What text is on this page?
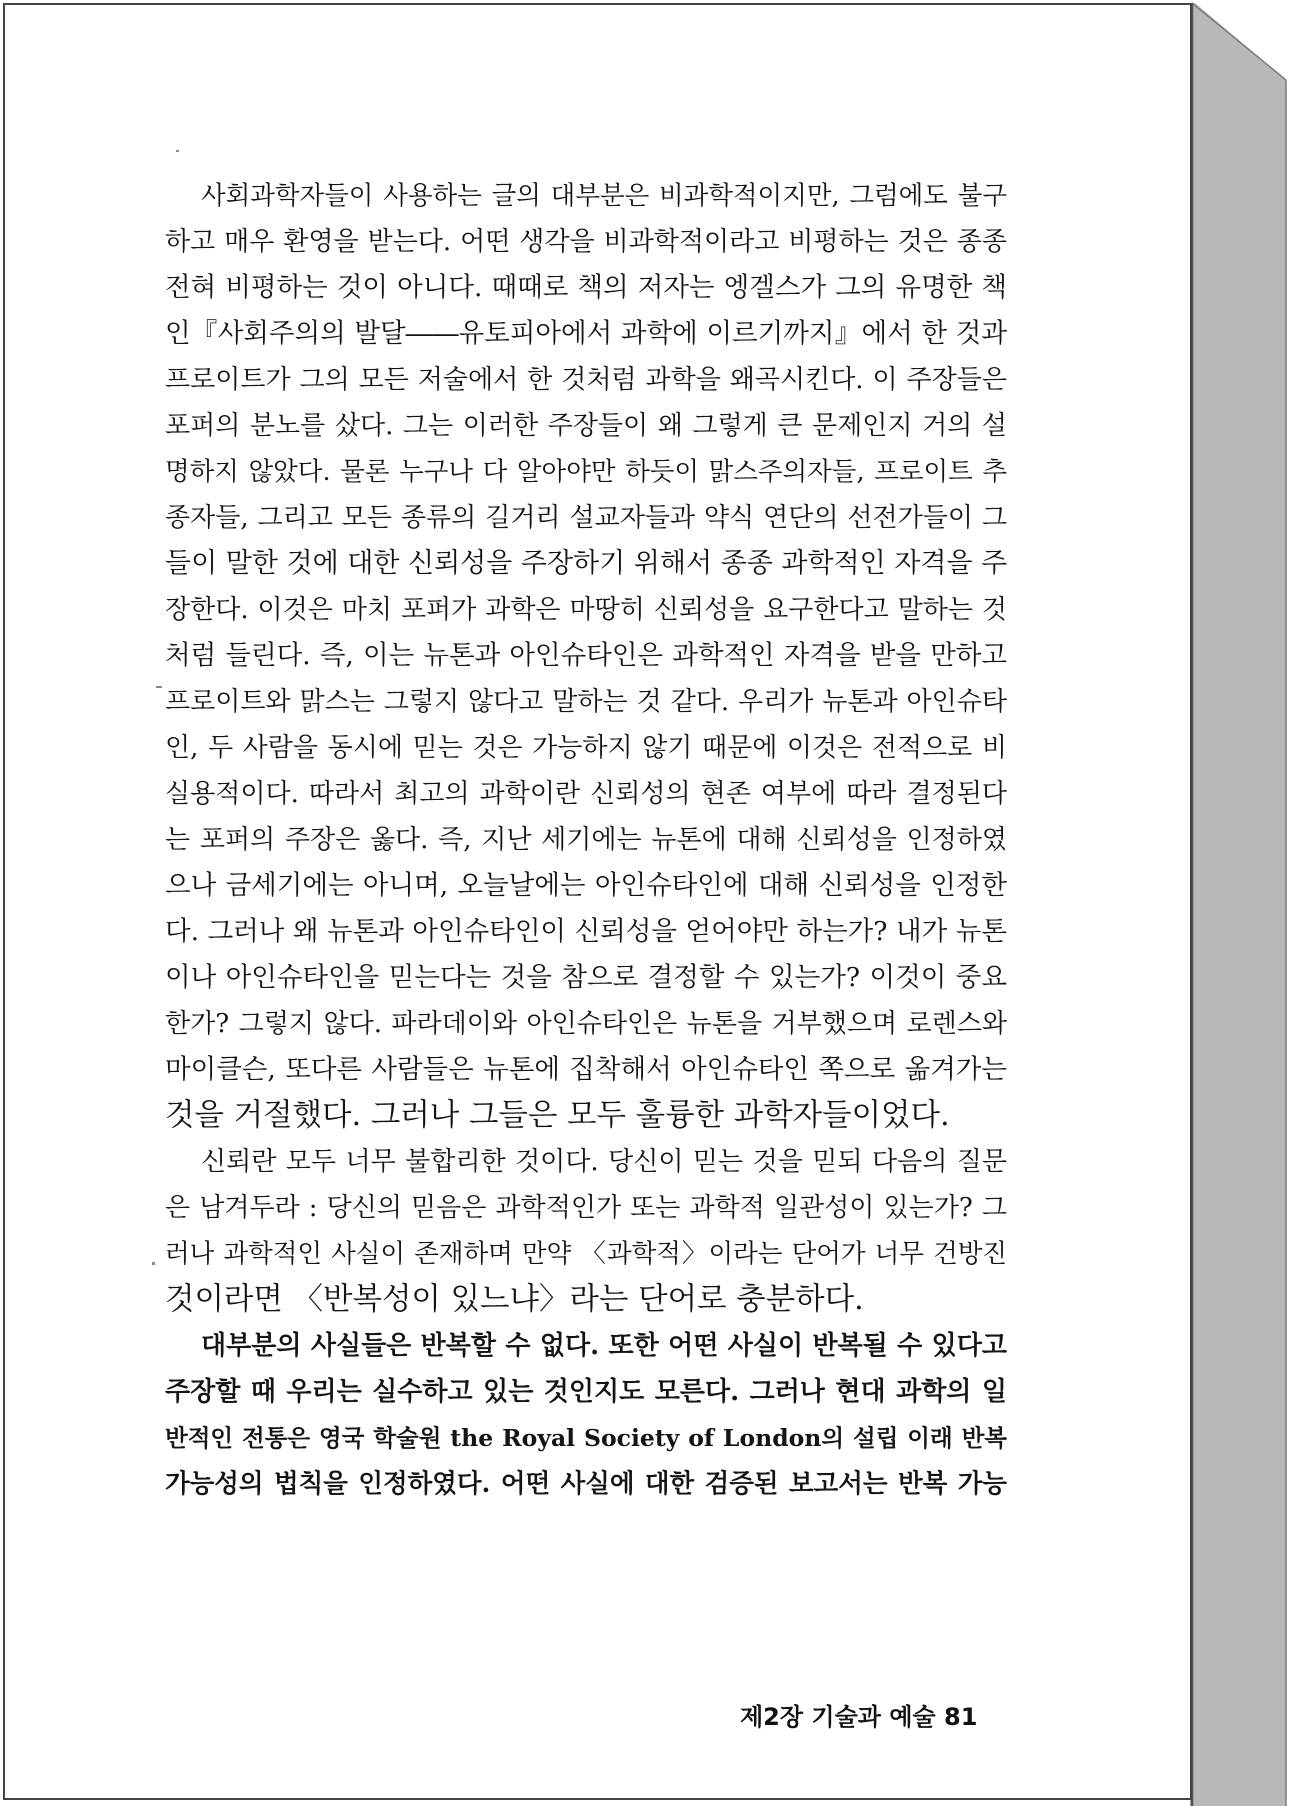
사회과학자들이 사용하는 글의 대부분은 비과학적이지만, 그럼에도 불구
하고 매우 환영을 받는다. 어떤 생각을 비과학적이라고 비평하는 것은 종종
전혀 비평하는 것이 아니다. 때때로 책의 저자는 엥겔스가 그의 유명한 책
인『사회주의의 발달――유토피아에서 과학에 이르기까지』에서 한 것과
프로이트가 그의 모든 저술에서 한 것처럼 과학을 왜곡시킨다. 이 주장들은
포퍼의 분노를 샀다. 그는 이러한 주장들이 왜 그렇게 큰 문제인지 거의 설
명하지 않았다. 물론 누구나 다 알아야만 하듯이 맑스주의자들, 프로이트 추
종자들, 그리고 모든 종류의 길거리 설교자들과 약식 연단의 선전가들이 그
들이 말한 것에 대한 신뢰성을 주장하기 위해서 종종 과학적인 자격을 주
장한다. 이것은 마치 포퍼가 과학은 마땅히 신뢰성을 요구한다고 말하는 것
처럼 들린다. 즉, 이는 뉴톤과 아인슈타인은 과학적인 자격을 받을 만하고
프로이트와 맑스는 그렇지 않다고 말하는 것 같다. 우리가 뉴톤과 아인슈타
인, 두 사람을 동시에 믿는 것은 가능하지 않기 때문에 이것은 전적으로 비
실용적이다. 따라서 최고의 과학이란 신뢰성의 현존 여부에 따라 결정된다
는 포퍼의 주장은 옳다. 즉, 지난 세기에는 뉴톤에 대해 신뢰성을 인정하였
으나 금세기에는 아니며, 오늘날에는 아인슈타인에 대해 신뢰성을 인정한
다. 그러나 왜 뉴톤과 아인슈타인이 신뢰성을 얻어야만 하는가? 내가 뉴톤
이나 아인슈타인을 믿는다는 것을 참으로 결정할 수 있는가? 이것이 중요
한가? 그렇지 않다. 파라데이와 아인슈타인은 뉴톤을 거부했으며 로렌스와
마이클슨, 또다른 사람들은 뉴톤에 집착해서 아인슈타인 쪽으로 옮겨가는
것을 거절했다. 그러나 그들은 모두 훌륭한 과학자들이었다.
신뢰란 모두 너무 불합리한 것이다. 당신이 믿는 것을 믿되 다음의 질문
은 남겨두라 : 당신의 믿음은 과학적인가 또는 과학적 일관성이 있는가? 그
러나 과학적인 사실이 존재하며 만약 〈과학적〉이라는 단어가 너무 건방진
것이라면 〈반복성이 있느냐〉라는 단어로 충분하다.
대부분의 사실들은 반복할 수 없다. 또한 어떤 사실이 반복될 수 있다고
주장할 때 우리는 실수하고 있는 것인지도 모른다. 그러나 현대 과학의 일
반적인 전통은 영국 학술원 the Royal Society of London의 설립 이래 반복
가능성의 법칙을 인정하였다. 어떤 사실에 대한 검증된 보고서는 반복 가능
제2장 기술과 예술 81
